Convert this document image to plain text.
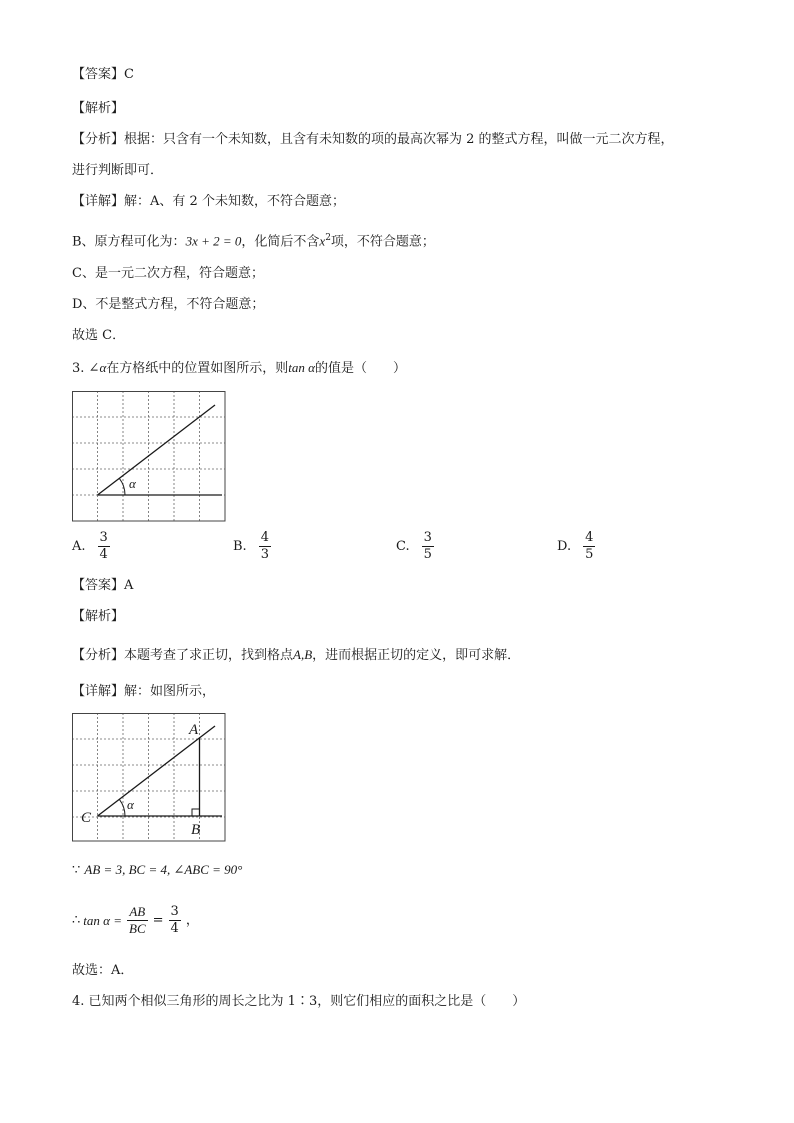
【答案】C
【解析】
【分析】根据：只含有一个未知数，且含有未知数的项的最高次幂为 2 的整式方程，叫做一元二次方程，
进行判断即可．
【详解】解：A、有 2 个未知数，不符合题意；
B、原方程可化为：3x + 2 = 0，化简后不含$x^2$项，不符合题意；
C、是一元二次方程，符合题意；
D、不是整式方程，不符合题意；
故选 C．
3. ∠α在方格纸中的位置如图所示，则tan α的值是（　　）
α
A. $\frac{3}{4}$	B. $\frac{4}{3}$	C. $\frac{3}{5}$	D. $\frac{4}{5}$
【答案】A
【解析】
【分析】本题考查了求正切，找到格点A,B，进而根据正切的定义，即可求解．
【详解】解：如图所示，
α
A
B
C
∵ AB = 3, BC = 4, ∠ABC = 90°
∴ $\tan \alpha = \frac{AB}{BC} = \frac{3}{4}$ ，
故选：A．
4. 已知两个相似三角形的周长之比为 1∶3，则它们相应的面积之比是（　　）
